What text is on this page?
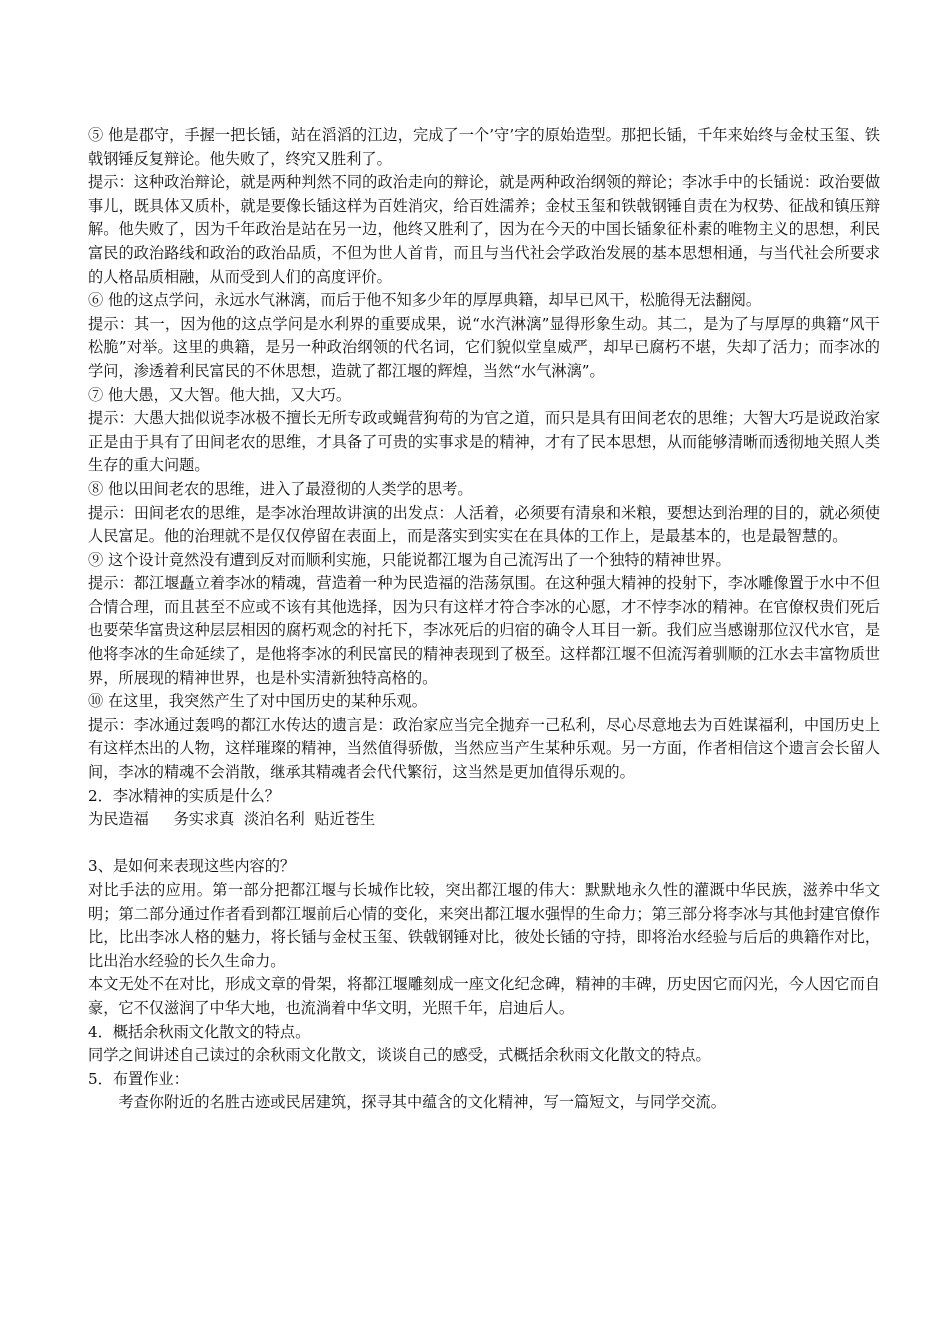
⑤ 他是郡守，手握一把长锸，站在滔滔的江边，完成了一个’守’字的原始造型。那把长锸，千年来始终与金杖玉玺、铁戟钢锤反复辩论。他失败了，终究又胜利了。

提示：这种政治辩论，就是两种判然不同的政治走向的辩论，就是两种政治纲领的辩论；李冰手中的长锸说：政治要做事儿，既具体又质朴，就是要像长锸这样为百姓消灾，给百姓濡养；金杖玉玺和铁戟钢锤自责在为权势、征战和镇压辩解。他失败了，因为千年政治是站在另一边，他终又胜利了，因为在今天的中国长锸象征朴素的唯物主义的思想，利民富民的政治路线和政治的政治品质，不但为世人首肯，而且与当代社会学政治发展的基本思想相通，与当代社会所要求的人格品质相融，从而受到人们的高度评价。

⑥ 他的这点学问，永远水气淋漓，而后于他不知多少年的厚厚典籍，却早已风干，松脆得无法翻阅。

提示：其一，因为他的这点学问是水利界的重要成果，说“水汽淋漓”显得形象生动。其二，是为了与厚厚的典籍“风干松脆”对举。这里的典籍，是另一种政治纲领的代名词，它们貌似堂皇威严，却早已腐朽不堪，失却了活力；而李冰的学问，渗透着利民富民的不休思想，造就了都江堰的辉煌，当然“水气淋漓”。

⑦ 他大愚，又大智。他大拙，又大巧。

提示：大愚大拙似说李冰极不擅长无所专政或蝇营狗苟的为官之道，而只是具有田间老农的思维；大智大巧是说政治家正是由于具有了田间老农的思维，才具备了可贵的实事求是的精神，才有了民本思想，从而能够清晰而透彻地关照人类生存的重大问题。

⑧ 他以田间老农的思维，进入了最澄彻的人类学的思考。

提示：田间老农的思维，是李冰治理故讲演的出发点：人活着，必须要有清泉和米粮，要想达到治理的目的，就必须使人民富足。他的治理就不是仅仅停留在表面上，而是落实到实实在在具体的工作上，是最基本的，也是最智慧的。

⑨ 这个设计竟然没有遭到反对而顺利实施，只能说都江堰为自己流泻出了一个独特的精神世界。

提示：都江堰矗立着李冰的精魂，营造着一种为民造福的浩荡氛围。在这种强大精神的投射下，李冰雕像置于水中不但合情合理，而且甚至不应或不该有其他选择，因为只有这样才符合李冰的心愿，才不悖李冰的精神。在官僚权贵们死后也要荣华富贵这种层层相因的腐朽观念的衬托下，李冰死后的归宿的确令人耳目一新。我们应当感谢那位汉代水官，是他将李冰的生命延续了，是他将李冰的利民富民的精神表现到了极至。这样都江堰不但流泻着驯顺的江水去丰富物质世界，所展现的精神世界，也是朴实清新独特高格的。

⑩ 在这里，我突然产生了对中国历史的某种乐观。

提示：李冰通过轰鸣的都江水传达的遗言是：政治家应当完全抛弃一己私利，尽心尽意地去为百姓谋福利，中国历史上有这样杰出的人物，这样璀璨的精神，当然值得骄傲，当然应当产生某种乐观。另一方面，作者相信这个遗言会长留人间，李冰的精魂不会消散，继承其精魂者会代代繁衍，这当然是更加值得乐观的。

2．李冰精神的实质是什么？

为民造福　  务实求真  淡泊名利  贴近苍生

3、是如何来表现这些内容的？

对比手法的应用。第一部分把都江堰与长城作比较，突出都江堰的伟大：默默地永久性的灌溉中华民族，滋养中华文明；第二部分通过作者看到都江堰前后心情的变化，来突出都江堰水强悍的生命力；第三部分将李冰与其他封建官僚作比，比出李冰人格的魅力，将长锸与金杖玉玺、铁戟钢锤对比，彼处长锸的守持，即将治水经验与后后的典籍作对比，比出治水经验的长久生命力。

本文无处不在对比，形成文章的骨架，将都江堰雕刻成一座文化纪念碑，精神的丰碑，历史因它而闪光，今人因它而自豪，它不仅滋润了中华大地，也流淌着中华文明，光照千年，启迪后人。

4．概括余秋雨文化散文的特点。

同学之间讲述自己读过的余秋雨文化散文，谈谈自己的感受，式概括余秋雨文化散文的特点。

5．布置作业：

考查你附近的名胜古迹或民居建筑，探寻其中蕴含的文化精神，写一篇短文，与同学交流。
